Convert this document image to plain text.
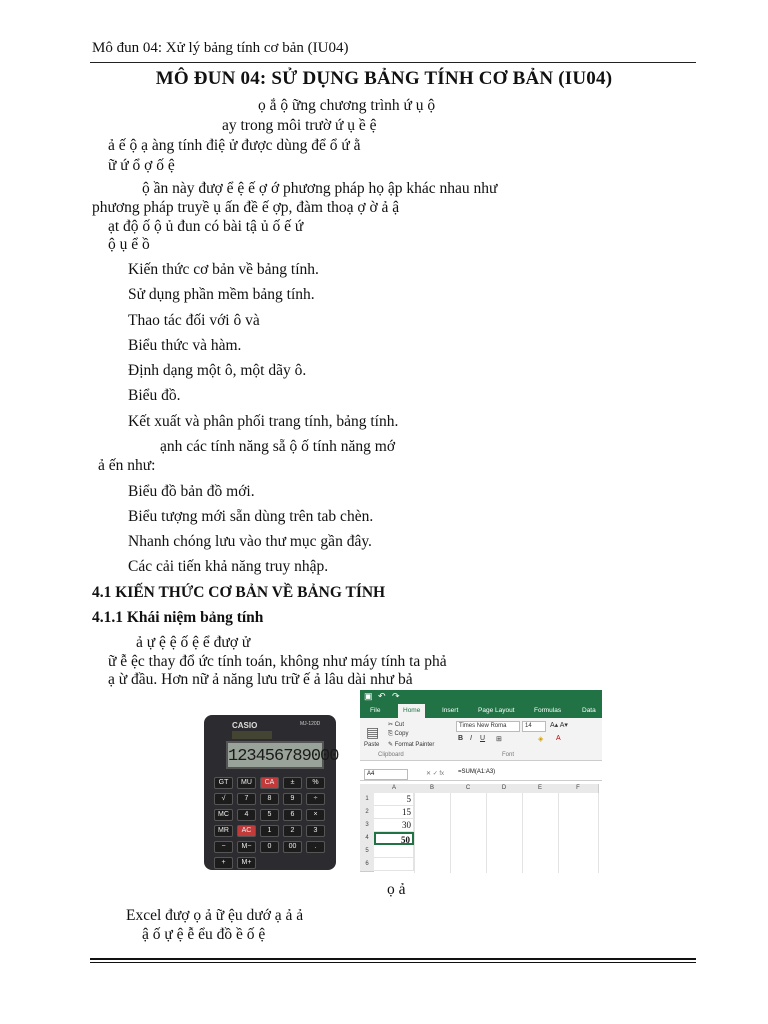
Mô đun 04: Xử lý bảng tính cơ bản (IU04)
MÔ ĐUN 04: SỬ DỤNG BẢNG TÍNH CƠ BẢN (IU04)
ọ ắ ộ ững chương trình ứ ụ ộ
ay trong môi trườ ứ ụ ề ệ
ả ế ộ ạ àng tính điệ ử được dùng để ổ ứ ằ
ữ ứ ổ ợ ố ệ
ộ ần này đượ ể ệ ế ợ ớ phương pháp họ ập khác nhau như
phương pháp truyề ụ ấn đề ế ợp, đàm thoạ ợ ờ ả ậ
ạt độ ố ộ ủ đun có bài tậ ủ ố ế ứ
ộ ụ ể ồ
Kiến thức cơ bản về bảng tính.
Sử dụng phần mềm bảng tính.
Thao tác đối với ô và
Biểu thức và hàm.
Định dạng một ô, một dãy ô.
Biểu đồ.
Kết xuất và phân phối trang tính, bảng tính.
ạnh các tính năng sẵ ộ ố tính năng mớ
ả ến như:
Biểu đồ bản đồ mới.
Biểu tượng mới sẵn dùng trên tab chèn.
Nhanh chóng lưu vào thư mục gần đây.
Các cải tiến khả năng truy nhập.
4.1 KIẾN THỨC CƠ BẢN VỀ BẢNG TÍNH
4.1.1 Khái niệm bảng tính
ả ự ệ ệ ố ệ ể đượ ử
ữ ễ ệc thay đổ ức tính toán, không như máy tính ta phả
ạ ừ đầu. Hơn nữ ả năng lưu trữ ế ả lâu dài như bả
CASIO	MJ-120D
123456789000
GT	MU	CA	±	%
√	7	8	9	÷
MC	4	5	6	×
MR	AC	1	2	3
−	M−	0	00	.
+	M+
▣ ↶ ↷
File	Home	Insert	Page Layout	Formulas	Data
▤
Paste
✂ Cut
⎘ Copy
✎ Format Painter
Clipboard
Times New Roma	14	A▴ A▾
B I U ⊞	◈ A
Font
A4	✕ ✓ fx =SUM(A1:A3)
A	B	C	D	E	F
1	5
2	15
3	30
4	50
5
6
ọ ả
Excel đượ ọ ả ữ ệu dướ ạ ả ả
ậ ố ự ệ ễ ểu đồ ề ố ệ
